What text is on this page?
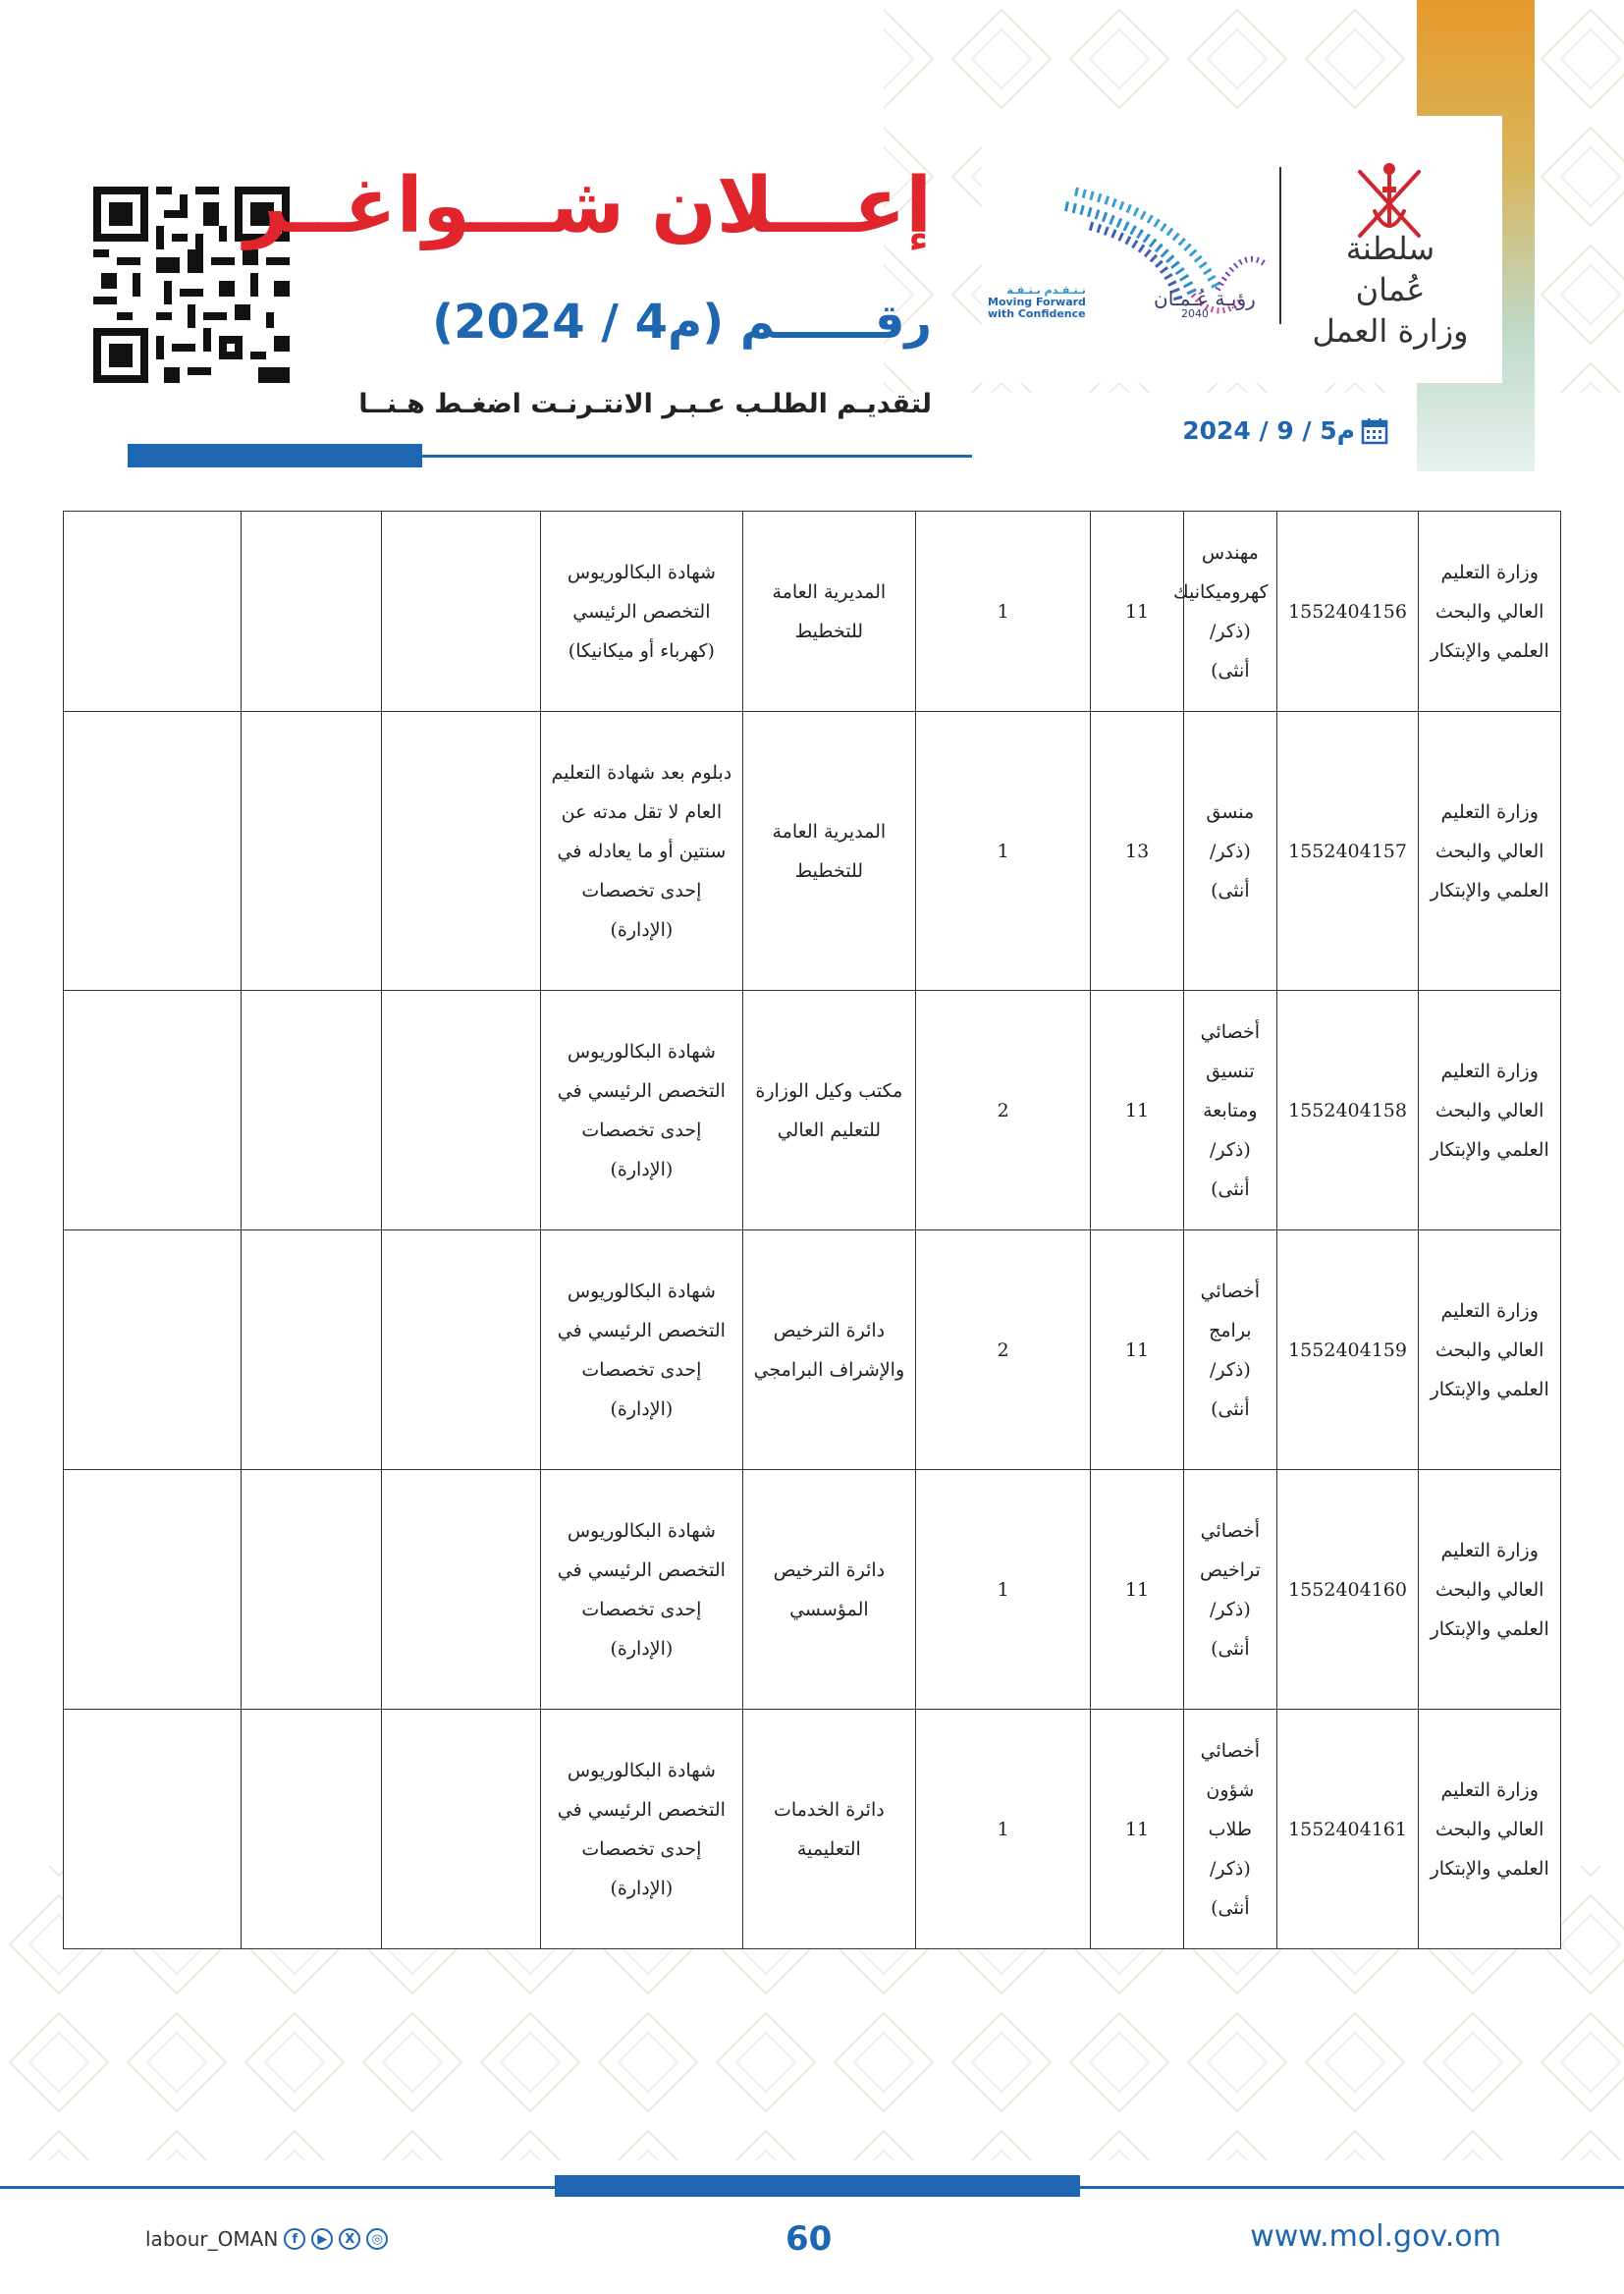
إعـــلان شـــواغــر
رقــــــم (م4 / 2024)
لتقديـم الطلـب عـبـر الانتـرنـت اضغـط هـنــا
2024 / 9 / 5م
نـتـقـدم بـثـقـة
Moving Forward
with Confidence
رؤيـة عُـمـان
2040
سلطنة عُمان
وزارة العمل
وزارة التعليم العالي والبحث العلمي والإبتكار	1552404156	مهندس كهروميكانيك (ذكر/أنثى)	11	1	المديرية العامة للتخطيط	شهادة البكالوريوس التخصص الرئيسي (كهرباء أو ميكانيكا)			
وزارة التعليم العالي والبحث العلمي والإبتكار	1552404157	منسق (ذكر/ أنثى)	13	1	المديرية العامة للتخطيط	دبلوم بعد شهادة التعليم العام لا تقل مدته عن سنتين أو ما يعادله في إحدى تخصصات (الإدارة)			
وزارة التعليم العالي والبحث العلمي والإبتكار	1552404158	أخصائي تنسيق ومتابعة (ذكر/ أنثى)	11	2	مكتب وكيل الوزارة للتعليم العالي	شهادة البكالوريوس التخصص الرئيسي في إحدى تخصصات (الإدارة)			
وزارة التعليم العالي والبحث العلمي والإبتكار	1552404159	أخصائي برامج (ذكر/أنثى)	11	2	دائرة الترخيص والإشراف البرامجي	شهادة البكالوريوس التخصص الرئيسي في إحدى تخصصات (الإدارة)			
وزارة التعليم العالي والبحث العلمي والإبتكار	1552404160	أخصائي تراخيص (ذكر/أنثى)	11	1	دائرة الترخيص المؤسسي	شهادة البكالوريوس التخصص الرئيسي في إحدى تخصصات (الإدارة)			
وزارة التعليم العالي والبحث العلمي والإبتكار	1552404161	أخصائي شؤون طلاب (ذكر/ أنثى)	11	1	دائرة الخدمات التعليمية	شهادة البكالوريوس التخصص الرئيسي في إحدى تخصصات (الإدارة)			
labour_OMAN	f	▶	X	◎	60	www.mol.gov.om
